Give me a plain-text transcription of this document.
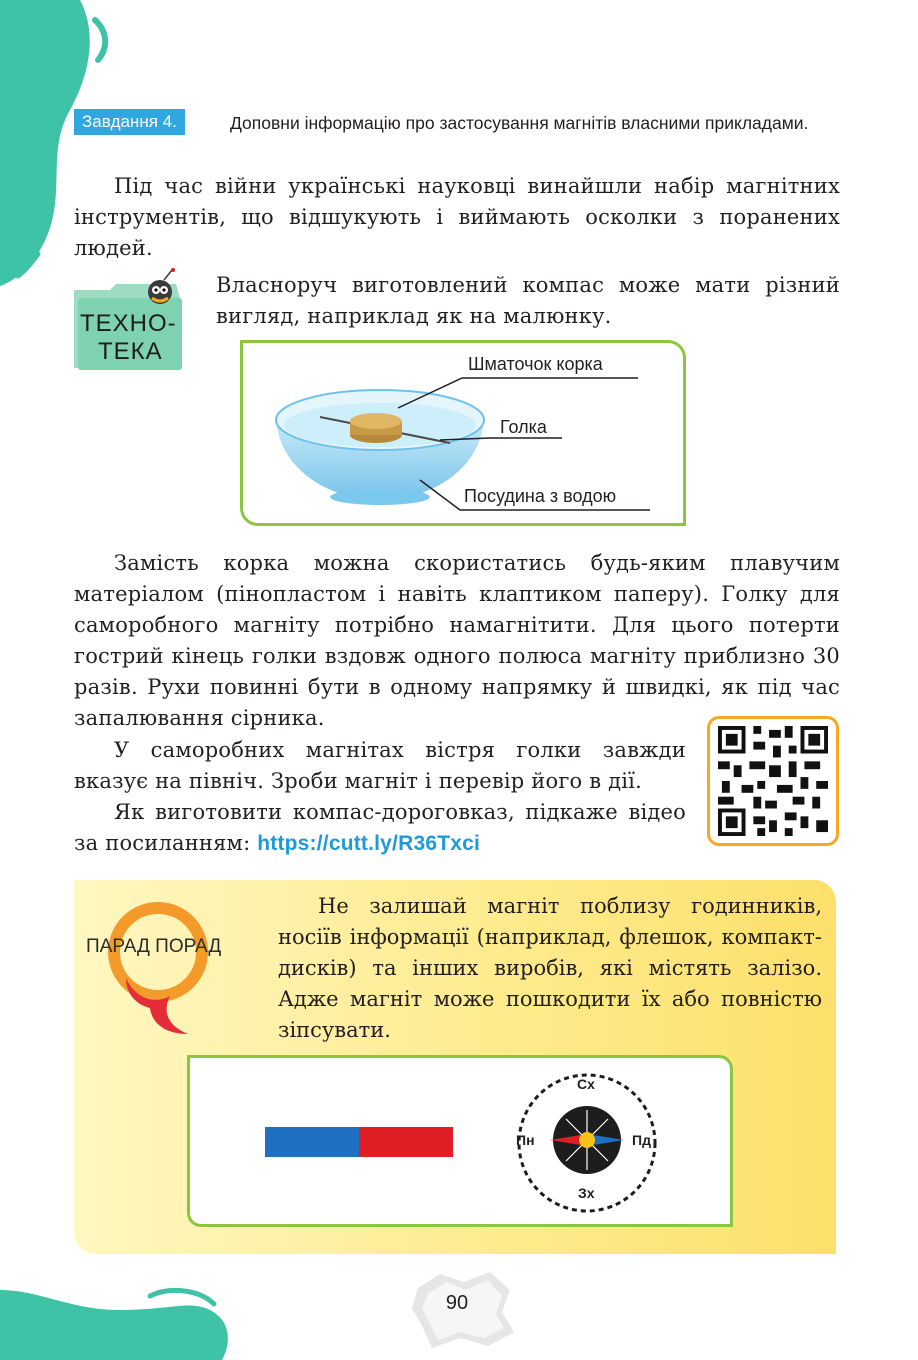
Доповни інформацію про застосування магнітів власними прикладами.
Завдання 4.
Під час війни українські науковці винайшли набір магнітних інструментів, що відшукують і виймають осколки з поранених людей.
ТЕХНО-
ТЕКА
Власноруч виготовлений компас може мати різний вигляд, наприклад як на малюнку.
Шматочок корка
Голка
Посудина з водою
Замість корка можна скористатись будь-яким плавучим матеріалом (пінопластом і навіть клаптиком паперу). Голку для саморобного магніту потрібно намагнітити. Для цього потерти гострий кінець голки вздовж одного полюса магніту приблизно 30 разів. Рухи повинні бути в одному напрямку й швидкі, як під час запалювання сірника.
У саморобних магнітах вістря голки завжди вказує на північ. Зроби магніт і перевір його в дії.
Як виготовити компас-дороговказ, підкаже відео за посиланням: https://cutt.ly/R36Txci
ПАРАД ПОРАД
Не залишай магніт поблизу годинників, носіїв інформації (наприклад, флешок, компакт-дисків) та інших виробів, які містять залізо. Адже магніт може пошкодити їх або повністю зіпсувати.
Сх
Зх
Пн	Пд
90
